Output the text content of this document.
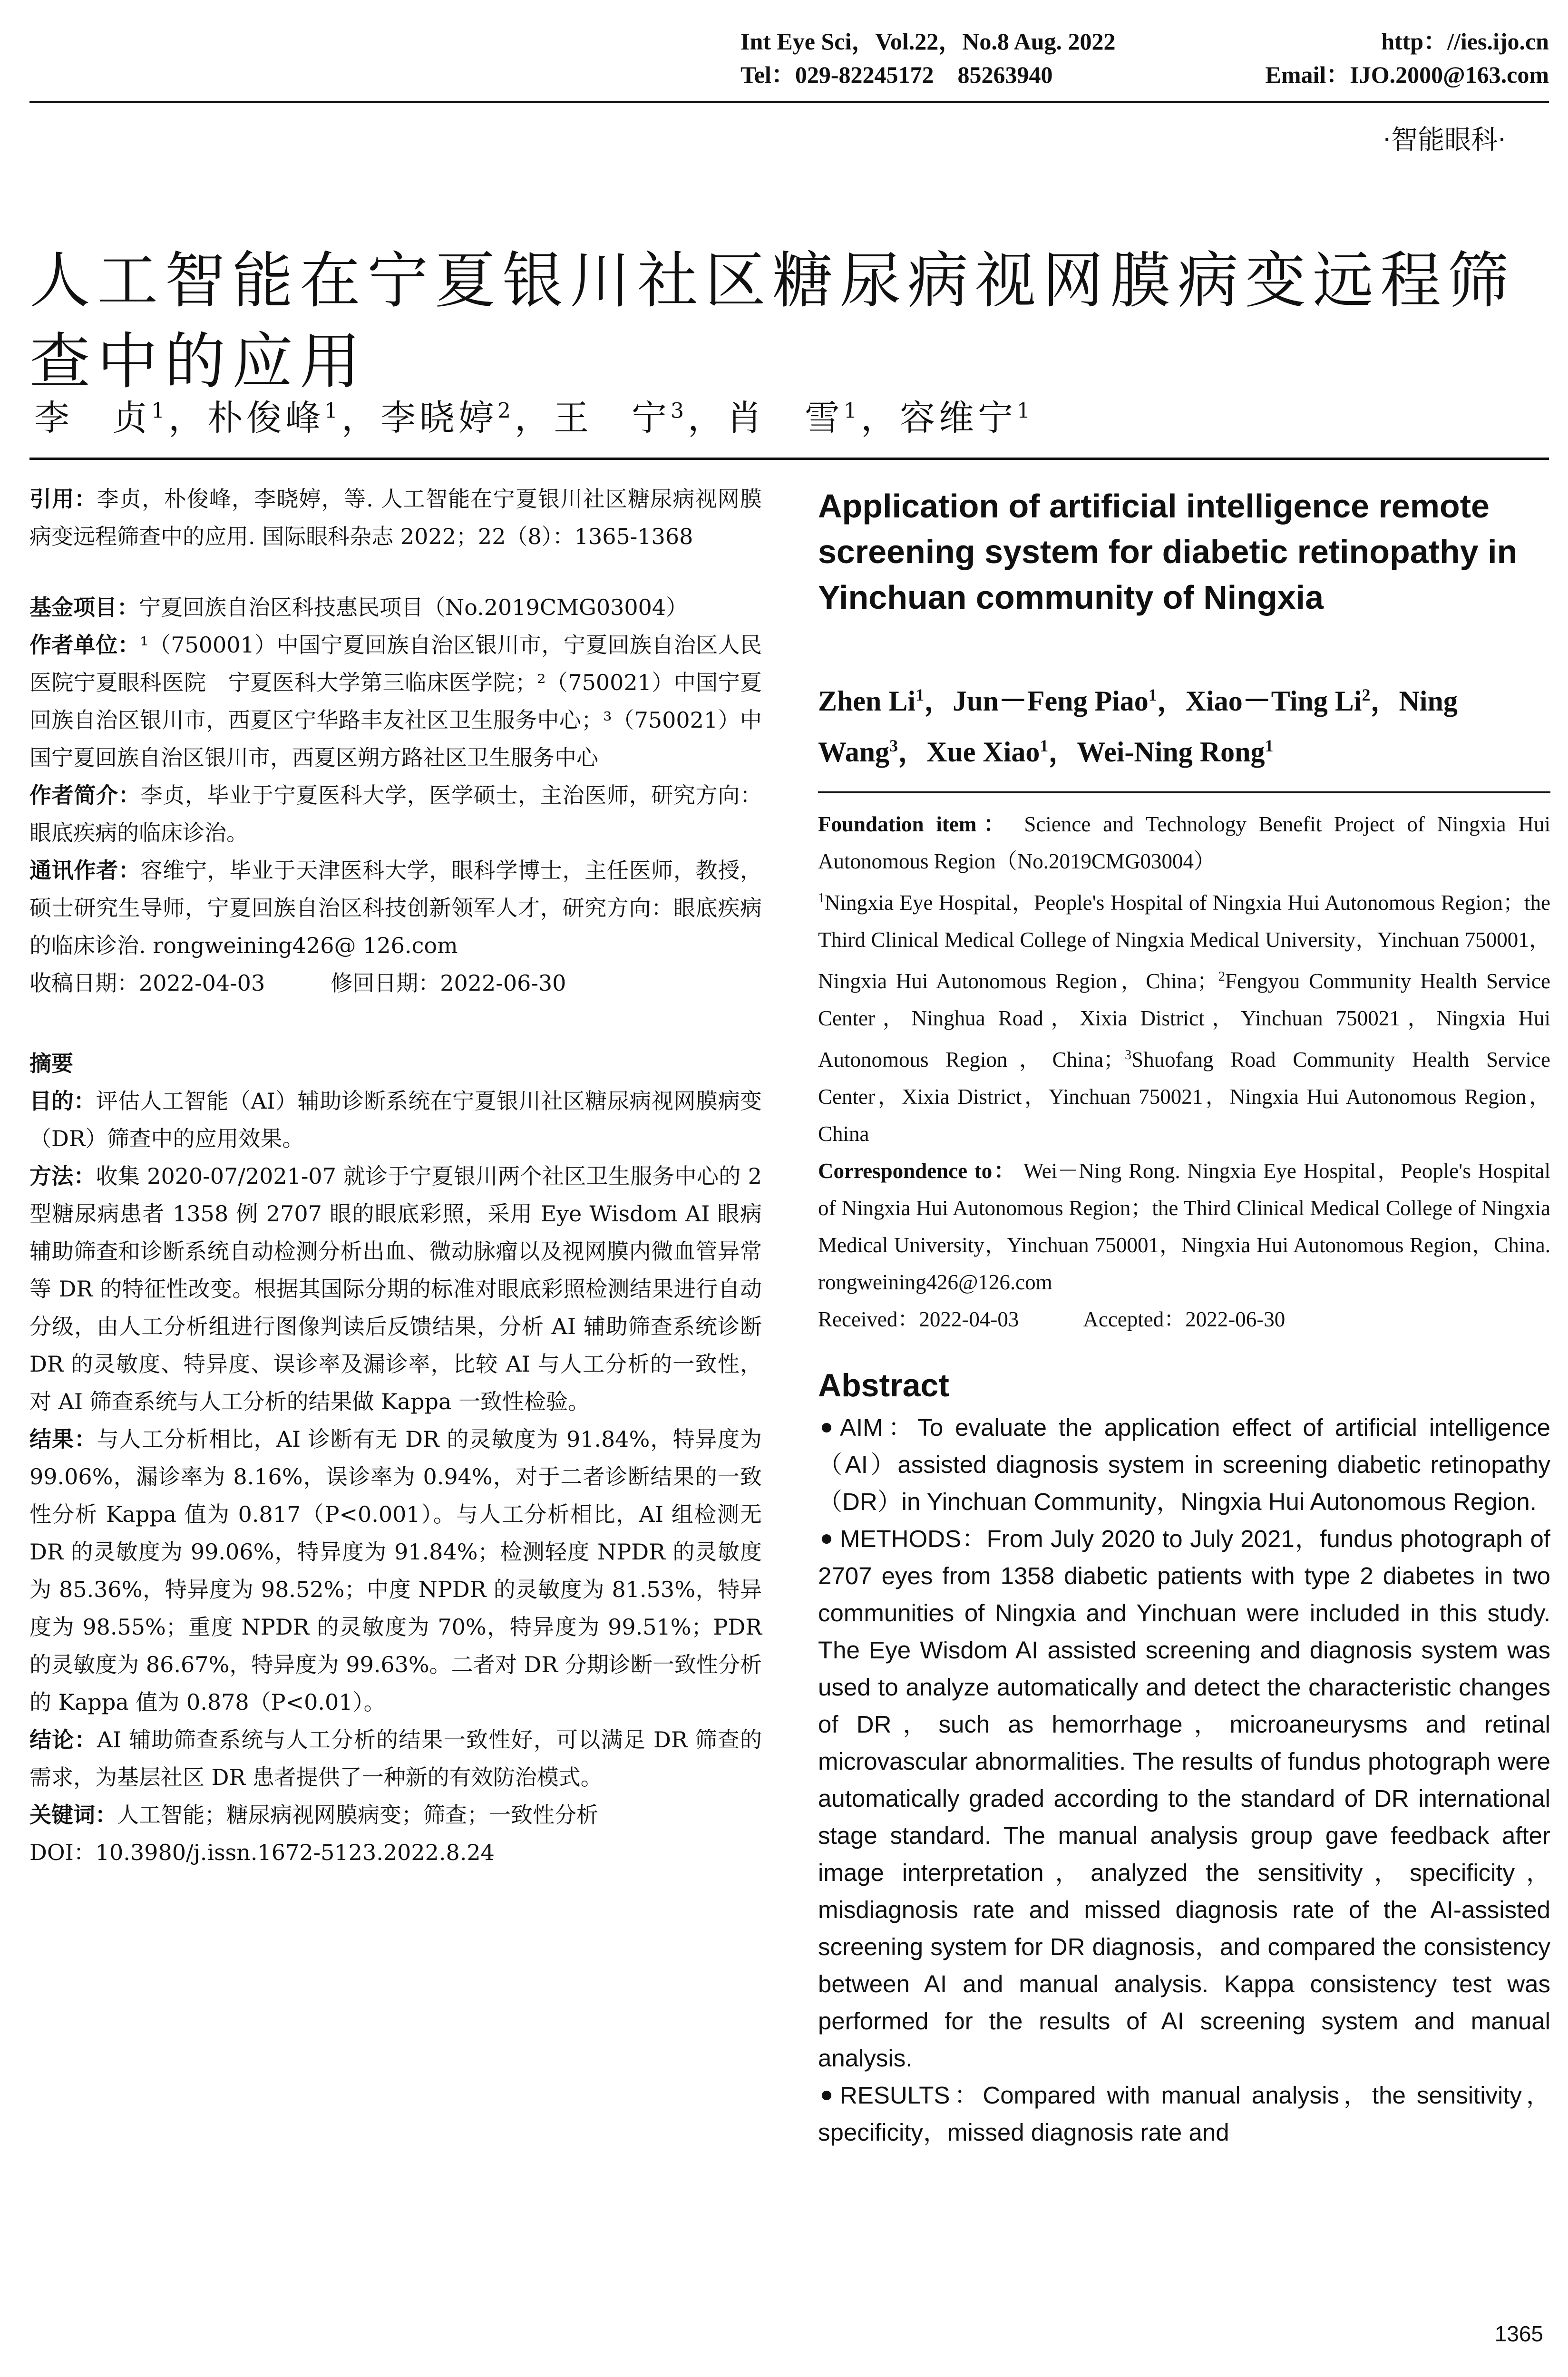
Int Eye Sci，Vol.22，No.8 Aug. 2022	http：//ies.ijo.cn
Tel：029-82245172　85263940	Email：IJO.2000@163.com
·智能眼科·
人工智能在宁夏银川社区糖尿病视网膜病变远程筛查中的应用
李　贞$^1$，朴俊峰$^1$，李晓婷$^2$，王　宁$^3$，肖　雪$^1$，容维宁$^1$

引用：李贞，朴俊峰，李晓婷，等. 人工智能在宁夏银川社区糖尿病视网膜病变远程筛查中的应用. 国际眼科杂志 2022；22（8）：1365-1368

基金项目：宁夏回族自治区科技惠民项目（No.2019CMG03004）

作者单位：¹（750001）中国宁夏回族自治区银川市，宁夏回族自治区人民医院宁夏眼科医院　宁夏医科大学第三临床医学院；²（750021）中国宁夏回族自治区银川市，西夏区宁华路丰友社区卫生服务中心；³（750021）中国宁夏回族自治区银川市，西夏区朔方路社区卫生服务中心

作者简介：李贞，毕业于宁夏医科大学，医学硕士，主治医师，研究方向：眼底疾病的临床诊治。

通讯作者：容维宁，毕业于天津医科大学，眼科学博士，主任医师，教授，硕士研究生导师，宁夏回族自治区科技创新领军人才，研究方向：眼底疾病的临床诊治. rongweining426@ 126.com

收稿日期：2022-04-03　　　修回日期：2022-06-30

摘要

目的：评估人工智能（AI）辅助诊断系统在宁夏银川社区糖尿病视网膜病变（DR）筛查中的应用效果。

方法：收集 2020-07/2021-07 就诊于宁夏银川两个社区卫生服务中心的 2 型糖尿病患者 1358 例 2707 眼的眼底彩照，采用 Eye Wisdom AI 眼病辅助筛查和诊断系统自动检测分析出血、微动脉瘤以及视网膜内微血管异常等 DR 的特征性改变。根据其国际分期的标准对眼底彩照检测结果进行自动分级，由人工分析组进行图像判读后反馈结果，分析 AI 辅助筛查系统诊断 DR 的灵敏度、特异度、误诊率及漏诊率，比较 AI 与人工分析的一致性，对 AI 筛查系统与人工分析的结果做 Kappa 一致性检验。

结果：与人工分析相比，AI 诊断有无 DR 的灵敏度为 91.84%，特异度为 99.06%，漏诊率为 8.16%，误诊率为 0.94%，对于二者诊断结果的一致性分析 Kappa 值为 0.817（P<0.001）。与人工分析相比，AI 组检测无 DR 的灵敏度为 99.06%，特异度为 91.84%；检测轻度 NPDR 的灵敏度为 85.36%，特异度为 98.52%；中度 NPDR 的灵敏度为 81.53%，特异度为 98.55%；重度 NPDR 的灵敏度为 70%，特异度为 99.51%；PDR 的灵敏度为 86.67%，特异度为 99.63%。二者对 DR 分期诊断一致性分析的 Kappa 值为 0.878（P<0.01）。

结论：AI 辅助筛查系统与人工分析的结果一致性好，可以满足 DR 筛查的需求，为基层社区 DR 患者提供了一种新的有效防治模式。

关键词：人工智能；糖尿病视网膜病变；筛查；一致性分析

DOI：10.3980/j.issn.1672-5123.2022.8.24

Application of artificial intelligence remote screening system for diabetic retinopathy in Yinchuan community of Ningxia

Zhen Li$^1$，Jun－Feng Piao$^1$，Xiao－Ting Li$^2$，Ning Wang$^3$，Xue Xiao$^1$，Wei-Ning Rong$^1$

Foundation item： Science and Technology Benefit Project of Ningxia Hui Autonomous Region（No.2019CMG03004）

$^1$Ningxia Eye Hospital，People's Hospital of Ningxia Hui Autonomous Region；the Third Clinical Medical College of Ningxia Medical University，Yinchuan 750001，Ningxia Hui Autonomous Region，China；$^2$Fengyou Community Health Service Center，Ninghua Road，Xixia District，Yinchuan 750021，Ningxia Hui Autonomous Region，China；$^3$Shuofang Road Community Health Service Center，Xixia District，Yinchuan 750021，Ningxia Hui Autonomous Region，China

Correspondence to： Wei－Ning Rong. Ningxia Eye Hospital，People's Hospital of Ningxia Hui Autonomous Region；the Third Clinical Medical College of Ningxia Medical University，Yinchuan 750001，Ningxia Hui Autonomous Region，China. rongweining426@126.com

Received：2022-04-03　　　Accepted：2022-06-30

Abstract

AIM：To evaluate the application effect of artificial intelligence（AI）assisted diagnosis system in screening diabetic retinopathy（DR）in Yinchuan Community，Ningxia Hui Autonomous Region.

METHODS：From July 2020 to July 2021，fundus photograph of 2707 eyes from 1358 diabetic patients with type 2 diabetes in two communities of Ningxia and Yinchuan were included in this study. The Eye Wisdom AI assisted screening and diagnosis system was used to analyze automatically and detect the characteristic changes of DR，such as hemorrhage，microaneurysms and retinal microvascular abnormalities. The results of fundus photograph were automatically graded according to the standard of DR international stage standard. The manual analysis group gave feedback after image interpretation，analyzed the sensitivity，specificity，misdiagnosis rate and missed diagnosis rate of the AI-assisted screening system for DR diagnosis，and compared the consistency between AI and manual analysis. Kappa consistency test was performed for the results of AI screening system and manual analysis.

RESULTS：Compared with manual analysis，the sensitivity，specificity，missed diagnosis rate and

1365
